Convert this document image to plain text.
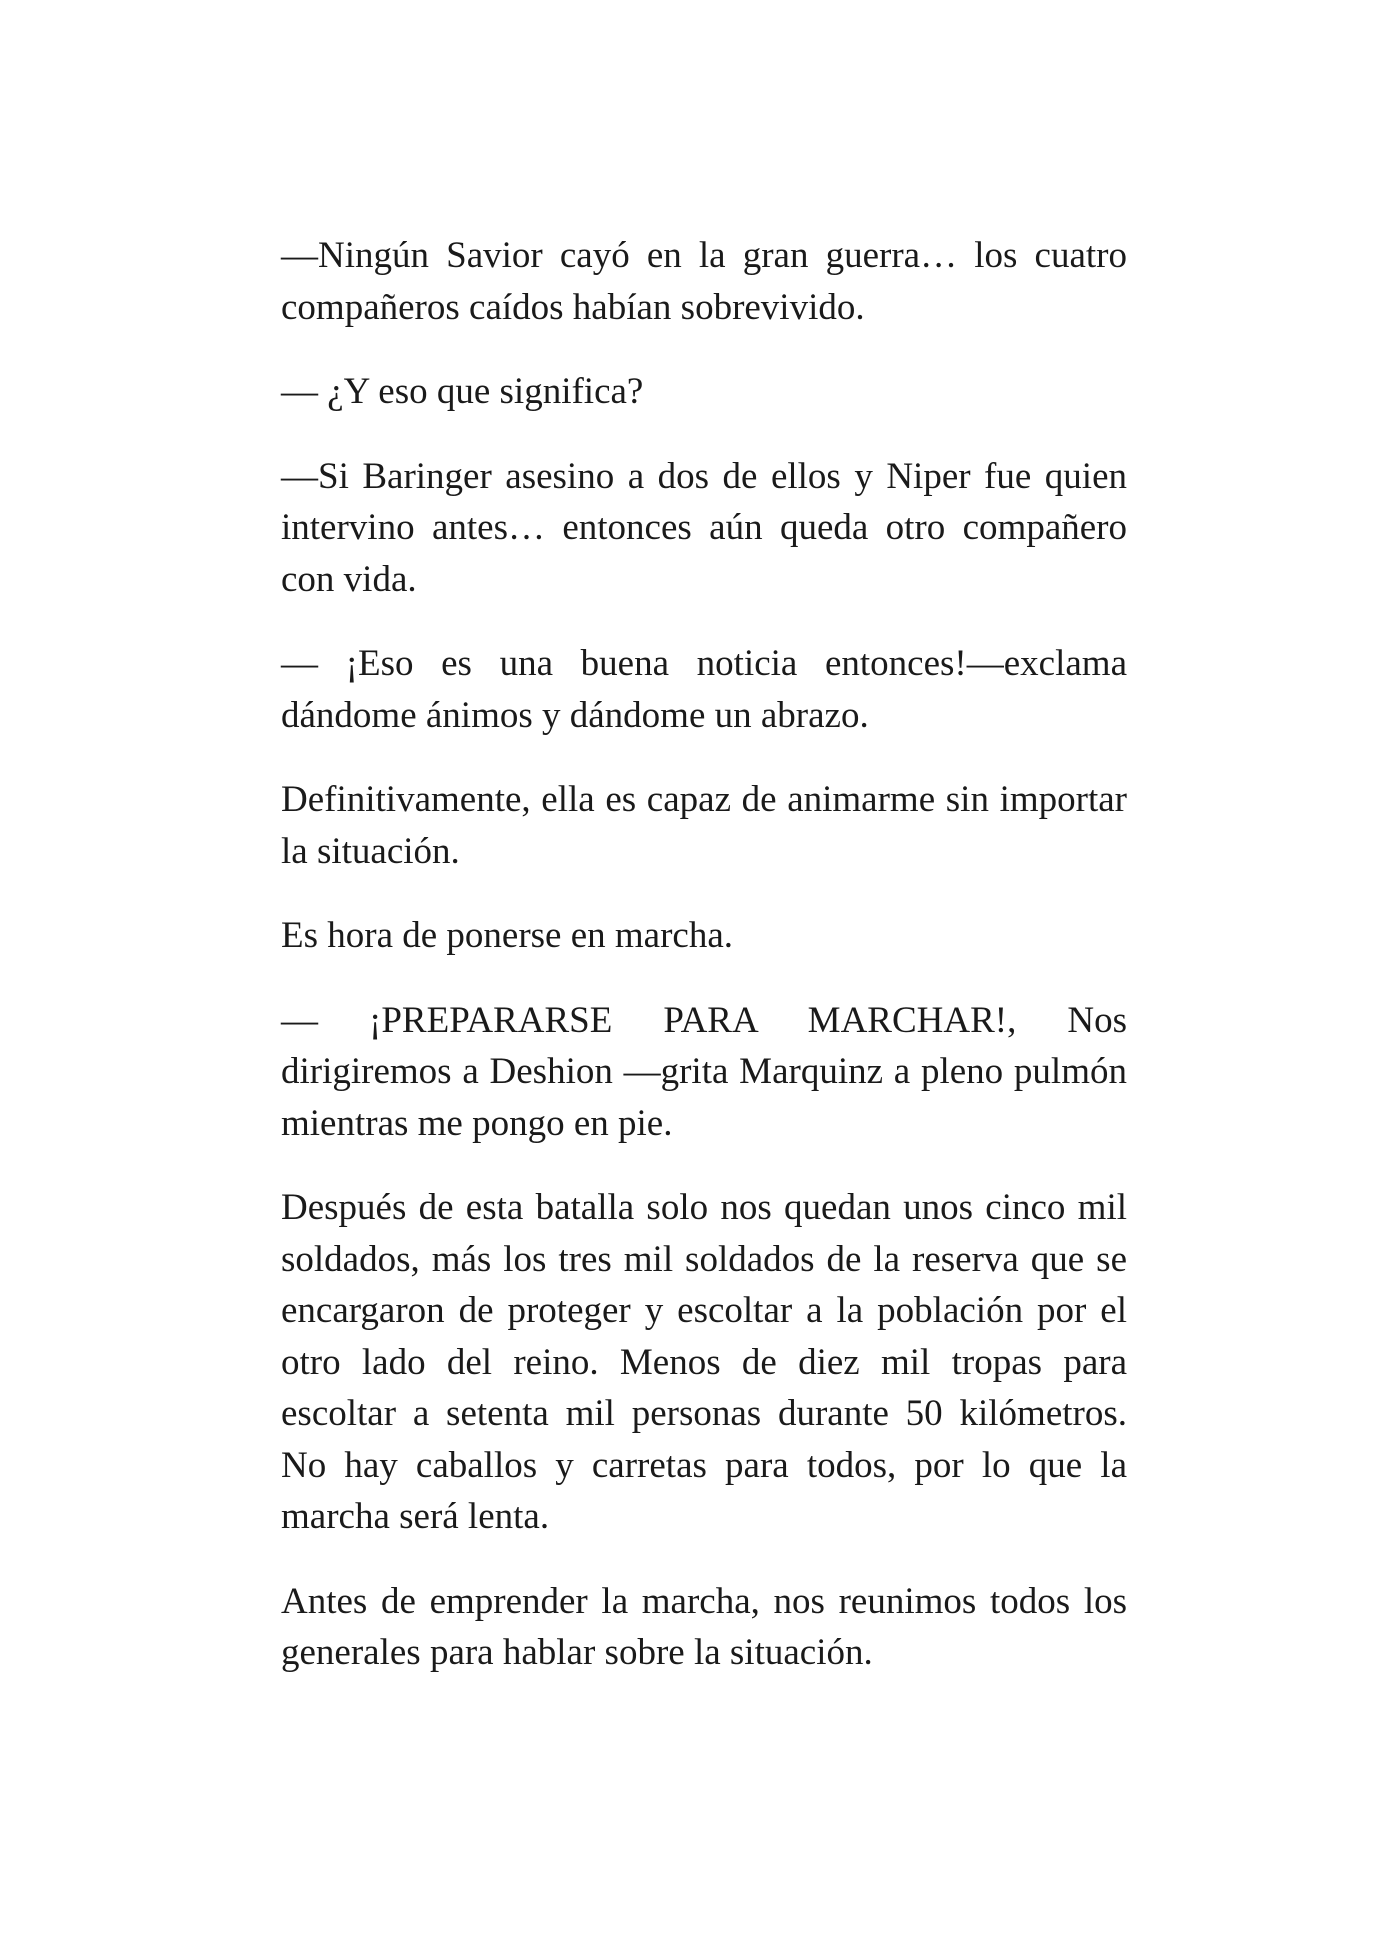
—Ningún Savior cayó en la gran guerra… los cuatro compañeros caídos habían sobrevivido.

— ¿Y eso que significa?

—Si Baringer asesino a dos de ellos y Niper fue quien intervino antes… entonces aún queda otro compañero con vida.

— ¡Eso es una buena noticia entonces!—exclama dándome ánimos y dándome un abrazo.

Definitivamente, ella es capaz de animarme sin importar la situación.

Es hora de ponerse en marcha.

— ¡PREPARARSE PARA MARCHAR!, Nos dirigiremos a Deshion —grita Marquinz a pleno pulmón mientras me pongo en pie.

Después de esta batalla solo nos quedan unos cinco mil soldados, más los tres mil soldados de la reserva que se encargaron de proteger y escoltar a la población por el otro lado del reino. Menos de diez mil tropas para escoltar a setenta mil personas durante 50 kilómetros. No hay caballos y carretas para todos, por lo que la marcha será lenta.

Antes de emprender la marcha, nos reunimos todos los generales para hablar sobre la situación.
